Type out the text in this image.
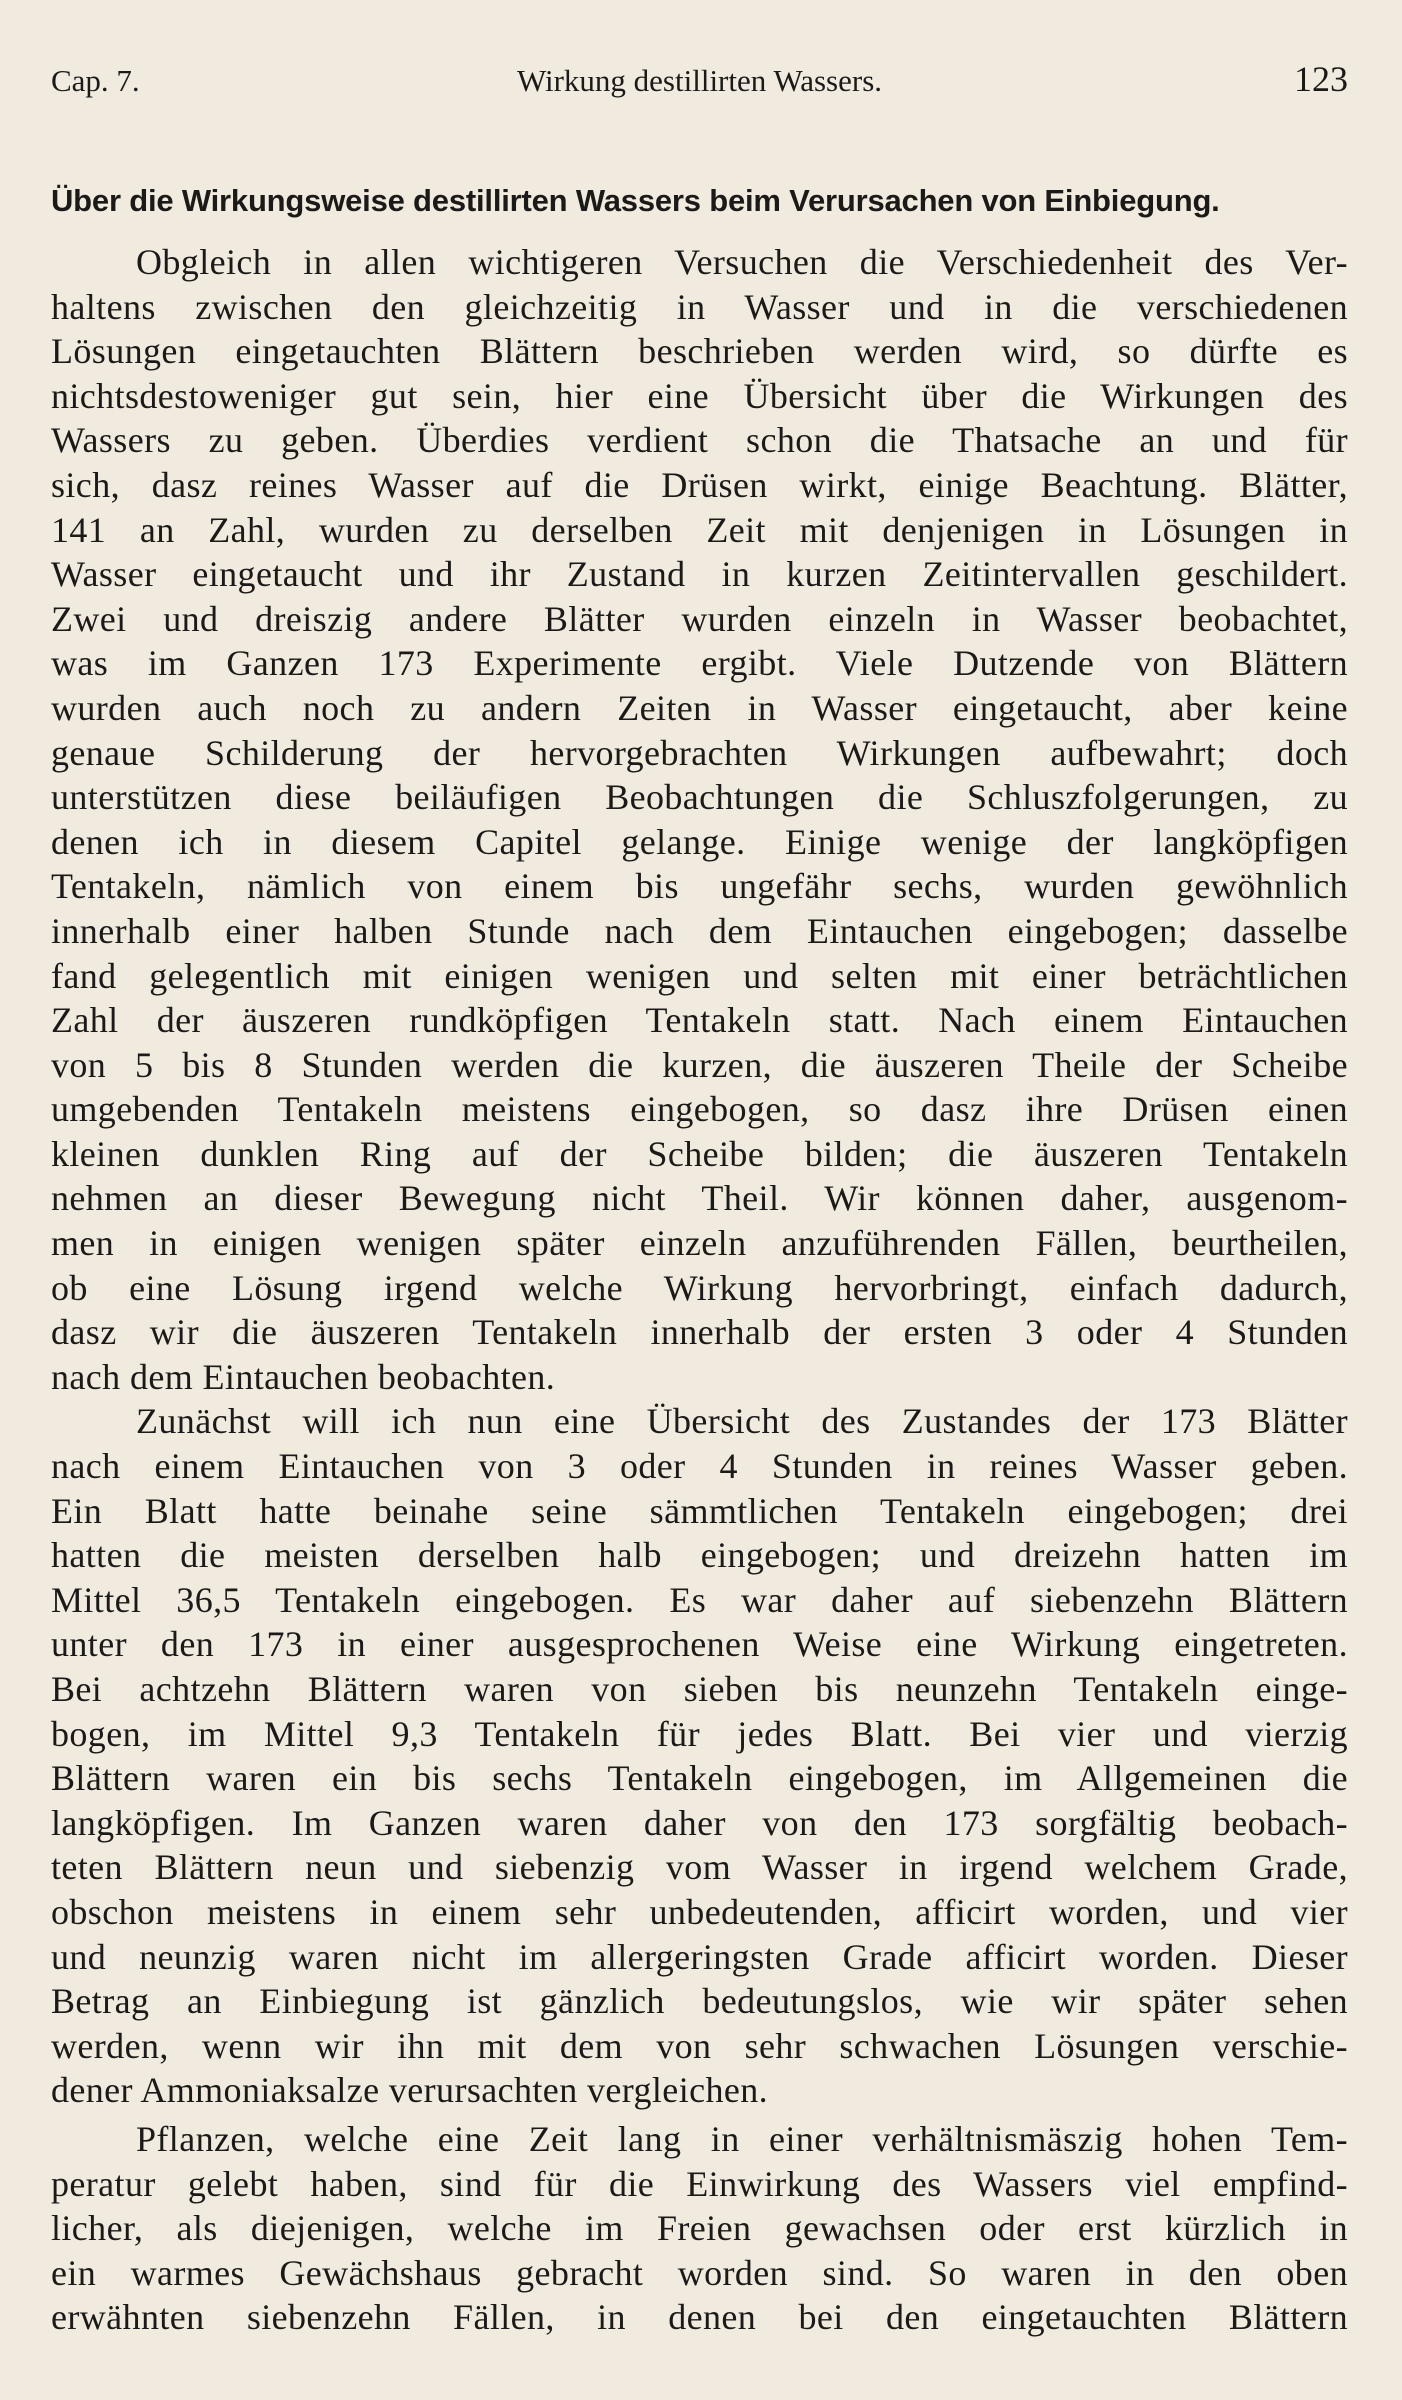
Cap. 7.	Wirkung destillirten Wassers.	123
Über die Wirkungsweise destillirten Wassers beim Verursachen von Einbiegung.
Obgleich in allen wichtigeren Versuchen die Verschiedenheit des Ver-
haltens zwischen den gleichzeitig in Wasser und in die verschiedenen
Lösungen eingetauchten Blättern beschrieben werden wird, so dürfte es
nichtsdestoweniger gut sein, hier eine Übersicht über die Wirkungen des
Wassers zu geben. Überdies verdient schon die Thatsache an und für
sich, dasz reines Wasser auf die Drüsen wirkt, einige Beachtung. Blätter,
141 an Zahl, wurden zu derselben Zeit mit denjenigen in Lösungen in
Wasser eingetaucht und ihr Zustand in kurzen Zeitintervallen geschildert.
Zwei und dreiszig andere Blätter wurden einzeln in Wasser beobachtet,
was im Ganzen 173 Experimente ergibt. Viele Dutzende von Blättern
wurden auch noch zu andern Zeiten in Wasser eingetaucht, aber keine
genaue Schilderung der hervorgebrachten Wirkungen aufbewahrt; doch
unterstützen diese beiläufigen Beobachtungen die Schluszfolgerungen, zu
denen ich in diesem Capitel gelange. Einige wenige der langköpfigen
Tentakeln, nämlich von einem bis ungefähr sechs, wurden gewöhnlich
innerhalb einer halben Stunde nach dem Eintauchen eingebogen; dasselbe
fand gelegentlich mit einigen wenigen und selten mit einer beträchtlichen
Zahl der äuszeren rundköpfigen Tentakeln statt. Nach einem Eintauchen
von 5 bis 8 Stunden werden die kurzen, die äuszeren Theile der Scheibe
umgebenden Tentakeln meistens eingebogen, so dasz ihre Drüsen einen
kleinen dunklen Ring auf der Scheibe bilden; die äuszeren Tentakeln
nehmen an dieser Bewegung nicht Theil. Wir können daher, ausgenom-
men in einigen wenigen später einzeln anzuführenden Fällen, beurtheilen,
ob eine Lösung irgend welche Wirkung hervorbringt, einfach dadurch,
dasz wir die äuszeren Tentakeln innerhalb der ersten 3 oder 4 Stunden
nach dem Eintauchen beobachten.
Zunächst will ich nun eine Übersicht des Zustandes der 173 Blätter
nach einem Eintauchen von 3 oder 4 Stunden in reines Wasser geben.
Ein Blatt hatte beinahe seine sämmtlichen Tentakeln eingebogen; drei
hatten die meisten derselben halb eingebogen; und dreizehn hatten im
Mittel 36,5 Tentakeln eingebogen. Es war daher auf siebenzehn Blättern
unter den 173 in einer ausgesprochenen Weise eine Wirkung eingetreten.
Bei achtzehn Blättern waren von sieben bis neunzehn Tentakeln einge-
bogen, im Mittel 9,3 Tentakeln für jedes Blatt. Bei vier und vierzig
Blättern waren ein bis sechs Tentakeln eingebogen, im Allgemeinen die
langköpfigen. Im Ganzen waren daher von den 173 sorgfältig beobach-
teten Blättern neun und siebenzig vom Wasser in irgend welchem Grade,
obschon meistens in einem sehr unbedeutenden, afficirt worden, und vier
und neunzig waren nicht im allergeringsten Grade afficirt worden. Dieser
Betrag an Einbiegung ist gänzlich bedeutungslos, wie wir später sehen
werden, wenn wir ihn mit dem von sehr schwachen Lösungen verschie-
dener Ammoniaksalze verursachten vergleichen.
Pflanzen, welche eine Zeit lang in einer verhältnismäszig hohen Tem-
peratur gelebt haben, sind für die Einwirkung des Wassers viel empfind-
licher, als diejenigen, welche im Freien gewachsen oder erst kürzlich in
ein warmes Gewächshaus gebracht worden sind. So waren in den oben
erwähnten siebenzehn Fällen, in denen bei den eingetauchten Blättern
